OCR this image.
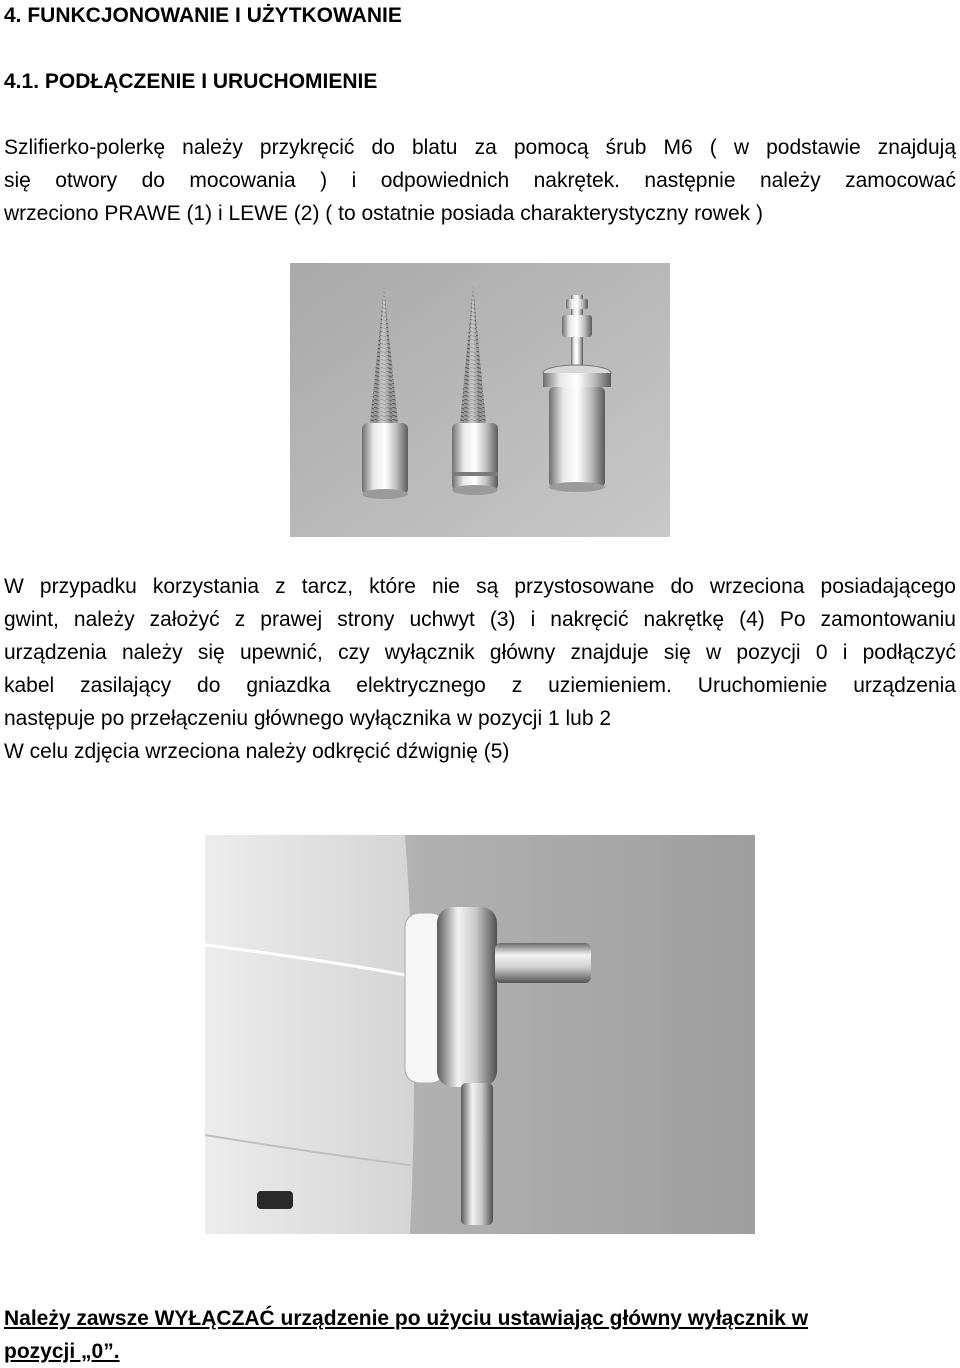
4. FUNKCJONOWANIE I UŻYTKOWANIE
4.1. PODŁĄCZENIE I URUCHOMIENIE
Szlifierko-polerkę należy przykręcić do blatu za pomocą śrub M6 ( w podstawie znajdują
się otwory do mocowania ) i odpowiednich nakrętek. następnie należy zamocować
wrzeciono PRAWE (1) i LEWE (2) ( to ostatnie posiada charakterystyczny rowek )
W przypadku korzystania z tarcz, które nie są przystosowane do wrzeciona posiadającego
gwint, należy założyć z prawej strony uchwyt (3) i nakręcić nakrętkę (4) Po zamontowaniu
urządzenia należy się upewnić, czy wyłącznik główny znajduje się w pozycji 0 i podłączyć
kabel zasilający do gniazdka elektrycznego z uziemieniem. Uruchomienie urządzenia
następuje po przełączeniu głównego wyłącznika w pozycji 1 lub 2
W celu zdjęcia wrzeciona należy odkręcić dźwignię (5)
Należy zawsze WYŁĄCZAĆ urządzenie po użyciu ustawiając główny wyłącznik w
pozycji „0”.
